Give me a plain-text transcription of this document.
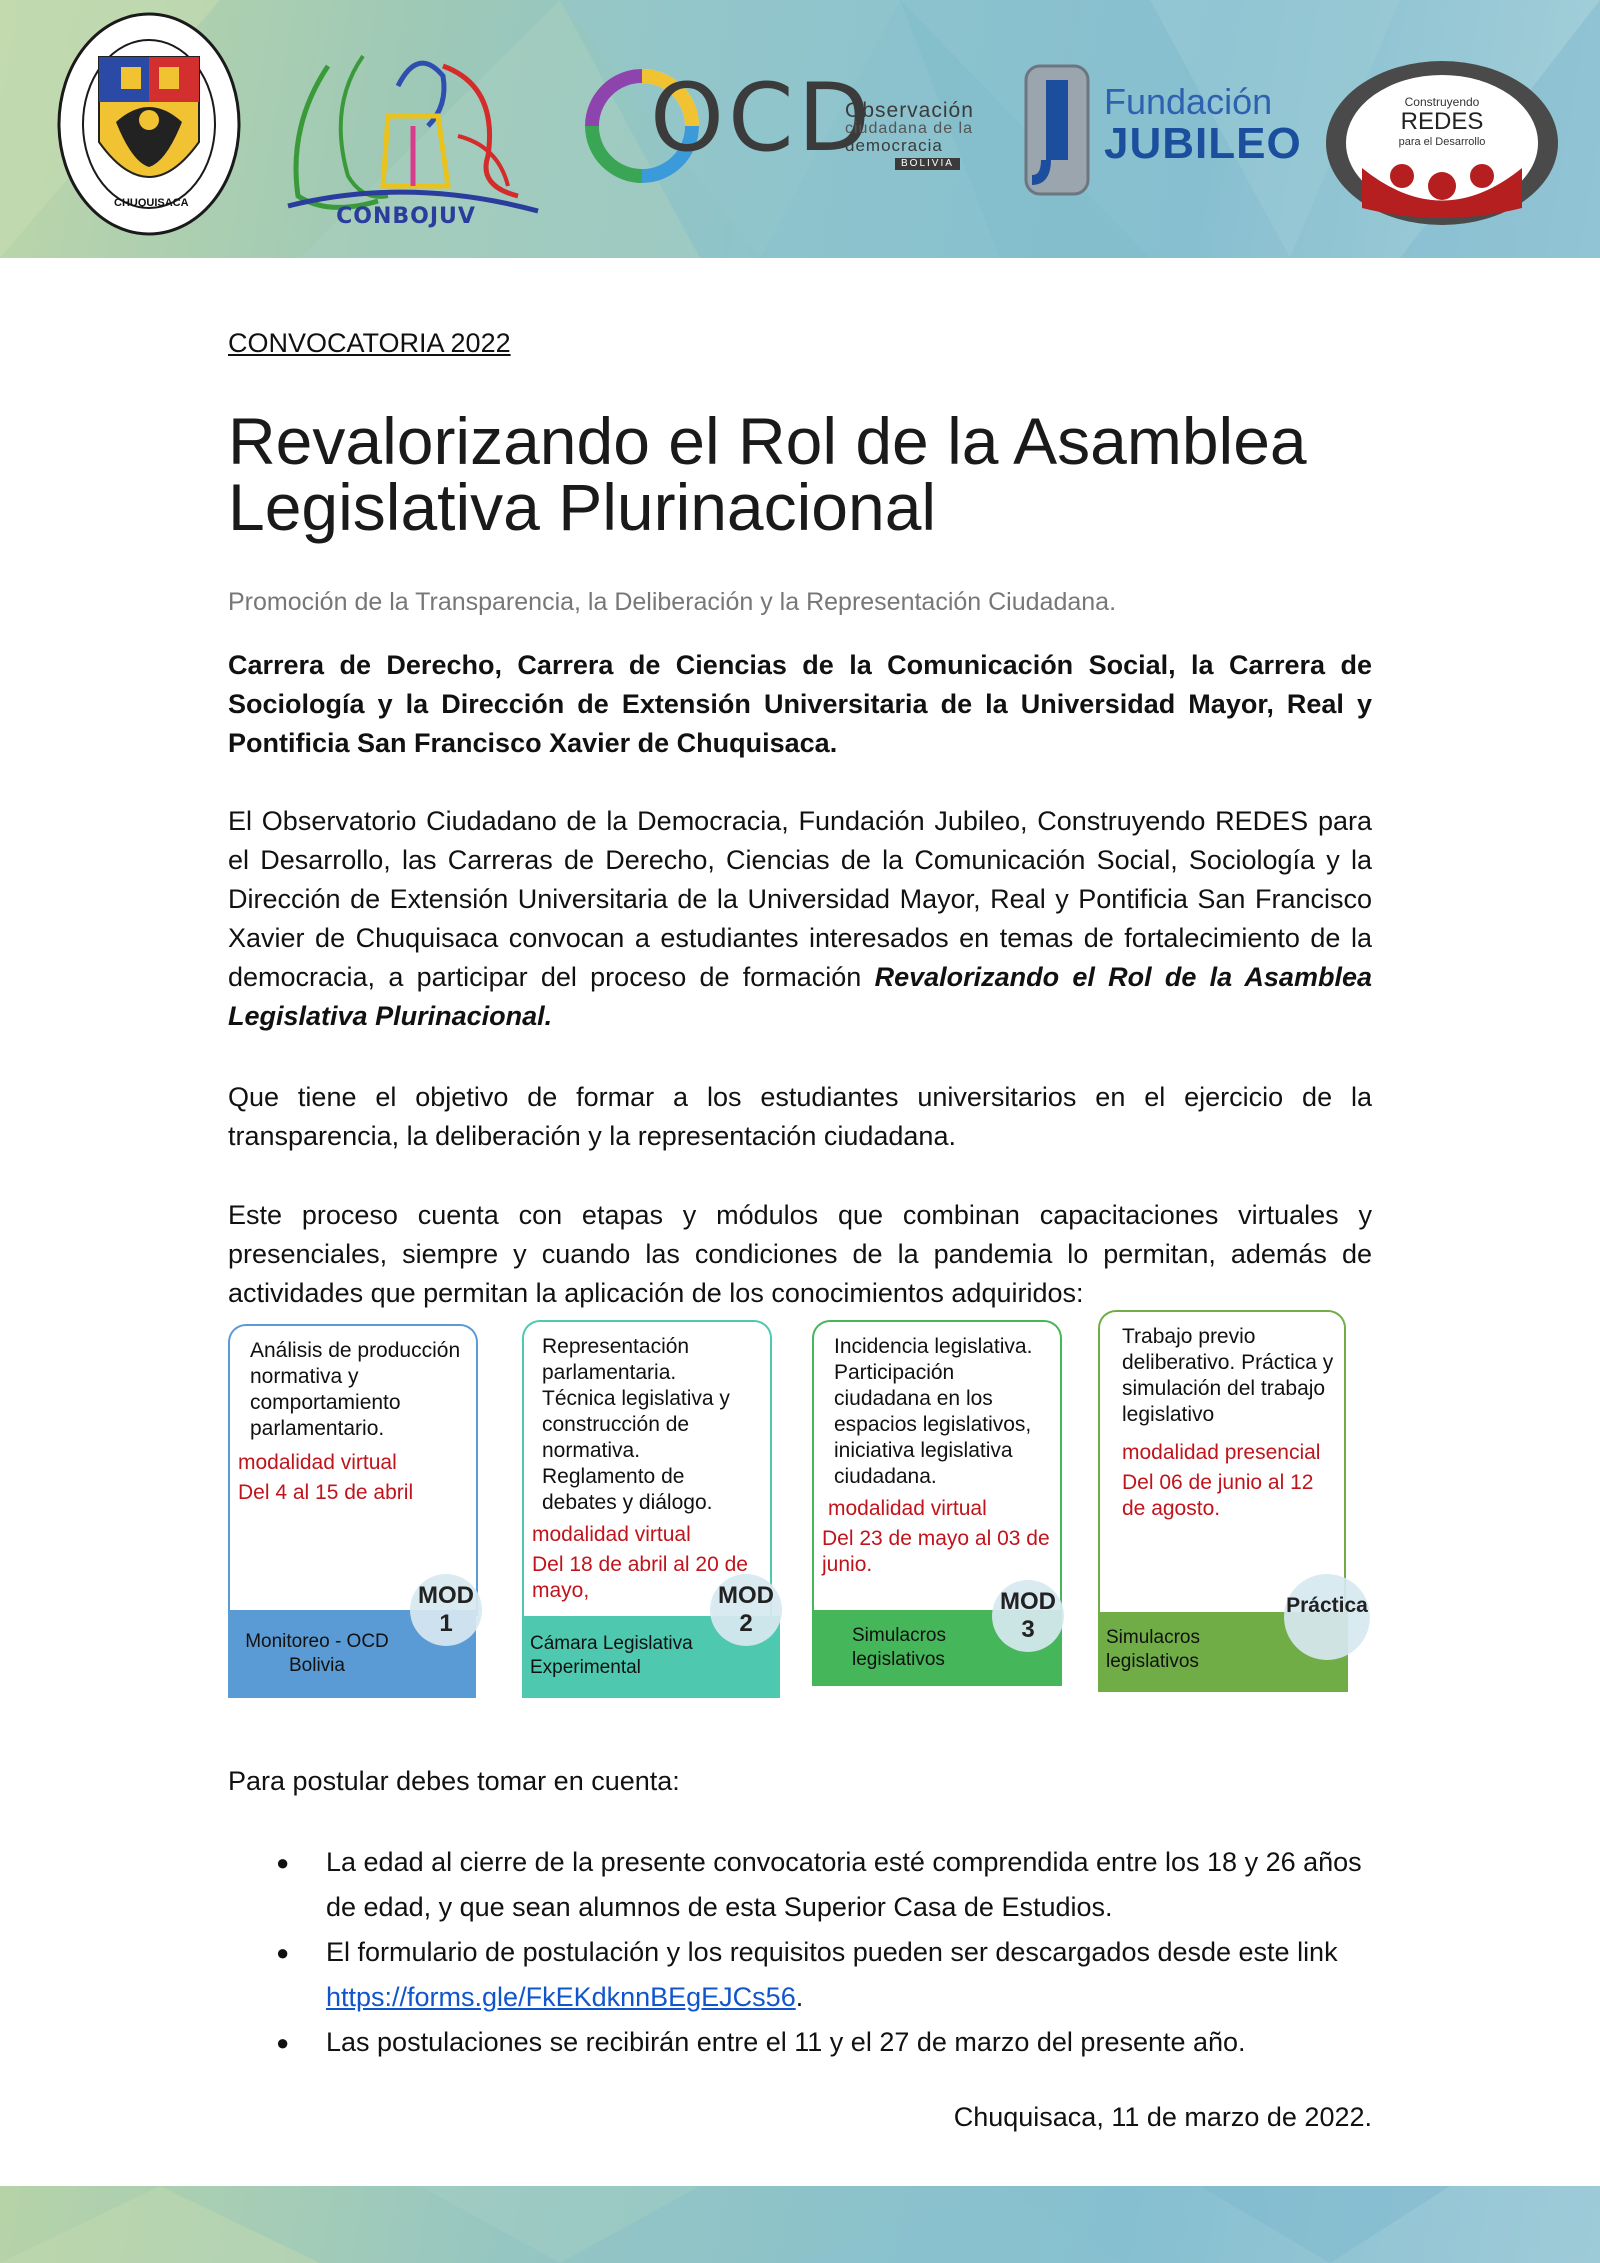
CHUQUISACA
CONBOJUV
OCD
Observación
ciudadana de la
democracia
BOLIVIA
Fundación
JUBILEO
Construyendo
REDES
para el Desarrollo
CONVOCATORIA 2022
Revalorizando el Rol de la Asamblea
Legislativa Plurinacional
Promoción de la Transparencia, la Deliberación y la Representación Ciudadana.
Carrera de Derecho, Carrera de Ciencias de la Comunicación Social, la Carrera de Sociología y la Dirección de Extensión Universitaria de la Universidad Mayor, Real y Pontificia San Francisco Xavier de Chuquisaca.
El Observatorio Ciudadano de la Democracia, Fundación Jubileo, Construyendo REDES para el Desarrollo, las Carreras de Derecho, Ciencias de la Comunicación Social, Sociología y la Dirección de Extensión Universitaria de la Universidad Mayor, Real y Pontificia San Francisco Xavier de Chuquisaca convocan a estudiantes interesados en temas de fortalecimiento de la democracia, a participar del proceso de formación Revalorizando el Rol de la Asamblea Legislativa Plurinacional.
Que tiene el objetivo de formar a los estudiantes universitarios en el ejercicio de la transparencia, la deliberación y la representación ciudadana.
Este proceso cuenta con etapas y módulos que combinan capacitaciones virtuales y presenciales, siempre y cuando las condiciones de la pandemia lo permitan, además de actividades que permitan la aplicación de los conocimientos adquiridos:
Análisis de producción normativa y comportamiento parlamentario.
modalidad virtual
Del 4 al 15 de abril
Monitoreo - OCD Bolivia
MOD
1
Representación parlamentaria. Técnica legislativa y construcción de normativa. Reglamento de debates y diálogo.
modalidad virtual
Del 18 de abril al 20 de mayo,
Cámara Legislativa Experimental
MOD
2
Incidencia legislativa. Participación ciudadana en los espacios legislativos, iniciativa legislativa ciudadana.
modalidad virtual
Del 23 de mayo al 03 de junio.
Simulacros legislativos
MOD
3
Trabajo previo deliberativo. Práctica y simulación del trabajo legislativo
modalidad presencial
Del 06 de junio al 12 de agosto.
Simulacros legislativos
Práctica
Para postular debes tomar en cuenta:
● La edad al cierre de la presente convocatoria esté comprendida entre los 18 y 26 años de edad, y que sean alumnos de esta Superior Casa de Estudios.
● El formulario de postulación y los requisitos pueden ser descargados desde este link https://forms.gle/FkEKdknnBEgEJCs56.
● Las postulaciones se recibirán entre el 11 y el 27 de marzo del presente año.
Chuquisaca, 11 de marzo de 2022.
